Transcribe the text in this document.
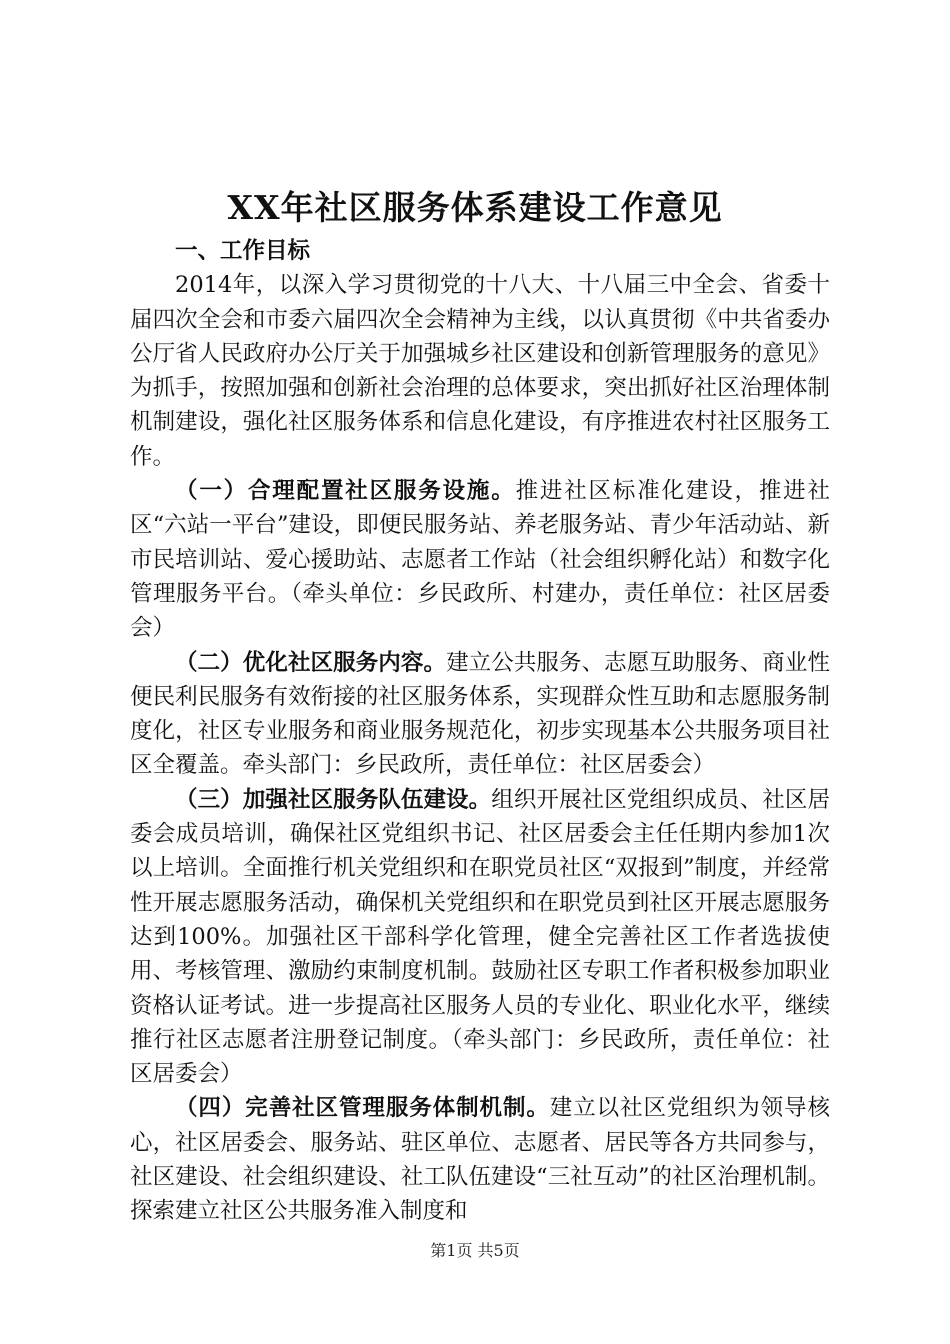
XX年社区服务体系建设工作意见

一、工作目标

2014年，以深入学习贯彻党的十八大、十八届三中全会、省委十届四次全会和市委六届四次全会精神为主线，以认真贯彻《中共省委办公厅省人民政府办公厅关于加强城乡社区建设和创新管理服务的意见》为抓手，按照加强和创新社会治理的总体要求，突出抓好社区治理体制机制建设，强化社区服务体系和信息化建设，有序推进农村社区服务工作。

（一）合理配置社区服务设施。推进社区标准化建设，推进社区“六站一平台”建设，即便民服务站、养老服务站、青少年活动站、新市民培训站、爱心援助站、志愿者工作站（社会组织孵化站）和数字化管理服务平台。（牵头单位：乡民政所、村建办，责任单位：社区居委会）

（二）优化社区服务内容。建立公共服务、志愿互助服务、商业性便民利民服务有效衔接的社区服务体系，实现群众性互助和志愿服务制度化，社区专业服务和商业服务规范化，初步实现基本公共服务项目社区全覆盖。牵头部门：乡民政所，责任单位：社区居委会）

（三）加强社区服务队伍建设。组织开展社区党组织成员、社区居委会成员培训，确保社区党组织书记、社区居委会主任任期内参加1次以上培训。全面推行机关党组织和在职党员社区“双报到”制度，并经常性开展志愿服务活动，确保机关党组织和在职党员到社区开展志愿服务达到100%。加强社区干部科学化管理，健全完善社区工作者选拔使用、考核管理、激励约束制度机制。鼓励社区专职工作者积极参加职业资格认证考试。进一步提高社区服务人员的专业化、职业化水平，继续推行社区志愿者注册登记制度。（牵头部门：乡民政所，责任单位：社区居委会）

（四）完善社区管理服务体制机制。建立以社区党组织为领导核心，社区居委会、服务站、驻区单位、志愿者、居民等各方共同参与，社区建设、社会组织建设、社工队伍建设“三社互动”的社区治理机制。探索建立社区公共服务准入制度和

第1页 共5页
